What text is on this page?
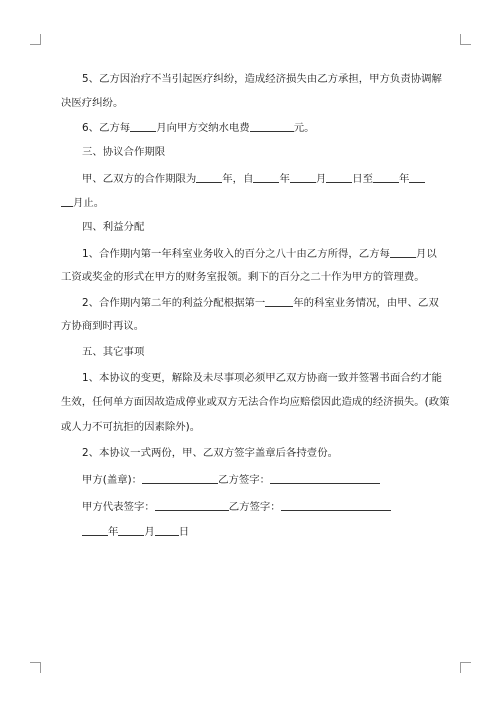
5、乙方因治疗不当引起医疗纠纷，造成经济损失由乙方承担，甲方负责协调解
决医疗纠纷。
6、乙方每	月向甲方交纳水电费	元。
三、协议合作期限
甲、乙双方的合作期限为	年，自	年	月	日至	年
月止。
四、利益分配
1、合作期内第一年科室业务收入的百分之八十由乙方所得，乙方每	月以
工资或奖金的形式在甲方的财务室报领。剩下的百分之二十作为甲方的管理费。
2、合作期内第二年的利益分配根据第一	年的科室业务情况，由甲、乙双
方协商到时再议。
五、其它事项
1、本协议的变更，解除及未尽事项必须甲乙双方协商一致并签署书面合约才能
生效，任何单方面因故造成停业或双方无法合作均应赔偿因此造成的经济损失。(政策
或人力不可抗拒的因素除外)。
2、本协议一式两份，甲、乙双方签字盖章后各持壹份。
甲方(盖章)：	乙方签字：
甲方代表签字：	乙方签字：
年	月 日
